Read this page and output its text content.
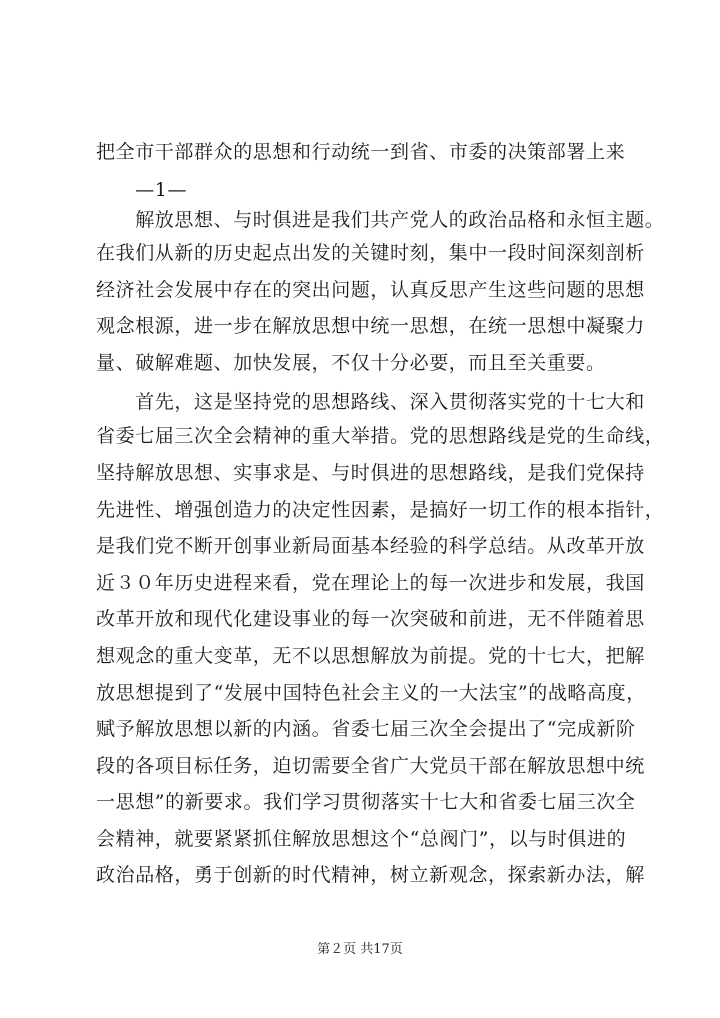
把全市干部群众的思想和行动统一到省、市委的决策部署上来
　　—1—
　　解放思想、与时俱进是我们共产党人的政治品格和永恒主题。
在我们从新的历史起点出发的关键时刻，集中一段时间深刻剖析
经济社会发展中存在的突出问题，认真反思产生这些问题的思想
观念根源，进一步在解放思想中统一思想，在统一思想中凝聚力
量、破解难题、加快发展，不仅十分必要，而且至关重要。
　　首先，这是坚持党的思想路线、深入贯彻落实党的十七大和
省委七届三次全会精神的重大举措。党的思想路线是党的生命线，
坚持解放思想、实事求是、与时俱进的思想路线，是我们党保持
先进性、增强创造力的决定性因素，是搞好一切工作的根本指针，
是我们党不断开创事业新局面基本经验的科学总结。从改革开放
近３０年历史进程来看，党在理论上的每一次进步和发展，我国
改革开放和现代化建设事业的每一次突破和前进，无不伴随着思
想观念的重大变革，无不以思想解放为前提。党的十七大，把解
放思想提到了“发展中国特色社会主义的一大法宝”的战略高度，
赋予解放思想以新的内涵。省委七届三次全会提出了“完成新阶
段的各项目标任务，迫切需要全省广大党员干部在解放思想中统
一思想”的新要求。我们学习贯彻落实十七大和省委七届三次全
会精神，就要紧紧抓住解放思想这个“总阀门”，以与时俱进的
政治品格，勇于创新的时代精神，树立新观念，探索新办法，解
第２页 共17页
